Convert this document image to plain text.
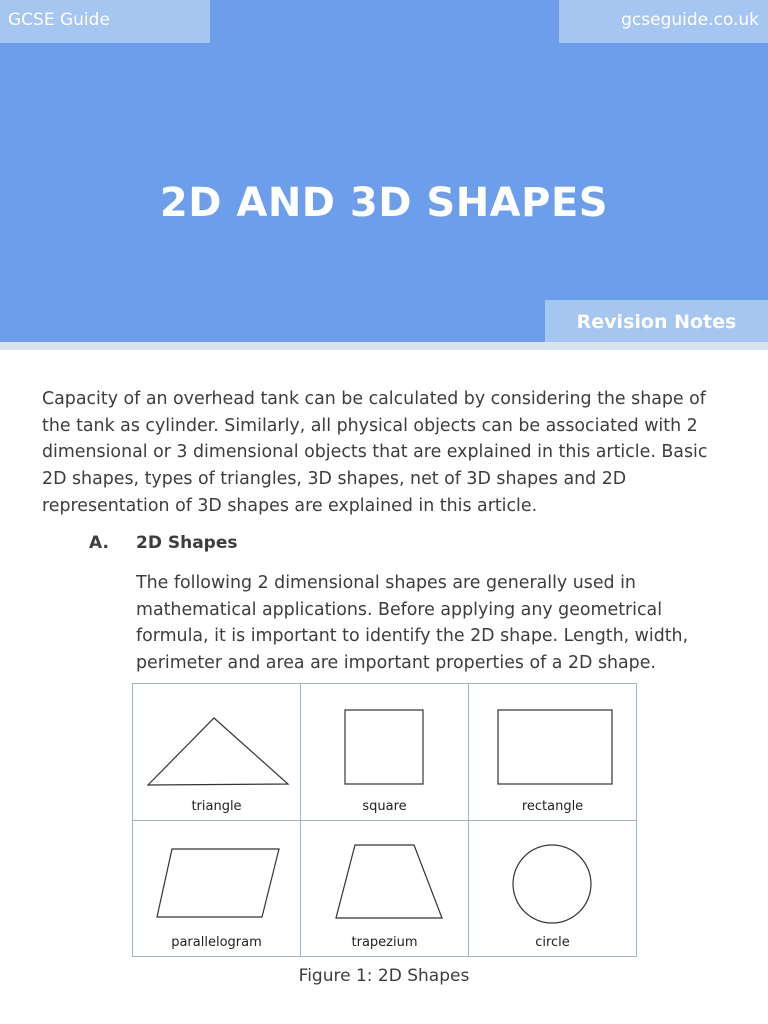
GCSE Guide	gcseguide.co.uk
2D AND 3D SHAPES
Revision Notes

Capacity of an overhead tank can be calculated by considering the shape of the tank as cylinder. Similarly, all physical objects can be associated with 2 dimensional or 3 dimensional objects that are explained in this article. Basic 2D shapes, types of triangles, 3D shapes, net of 3D shapes and 2D representation of 3D shapes are explained in this article.

A. 2D Shapes

The following 2 dimensional shapes are generally used in mathematical applications. Before applying any geometrical formula, it is important to identify the 2D shape. Length, width, perimeter and area are important properties of a 2D shape.

triangle	square	rectangle
parallelogram	trapezium	circle
Figure 1: 2D Shapes
